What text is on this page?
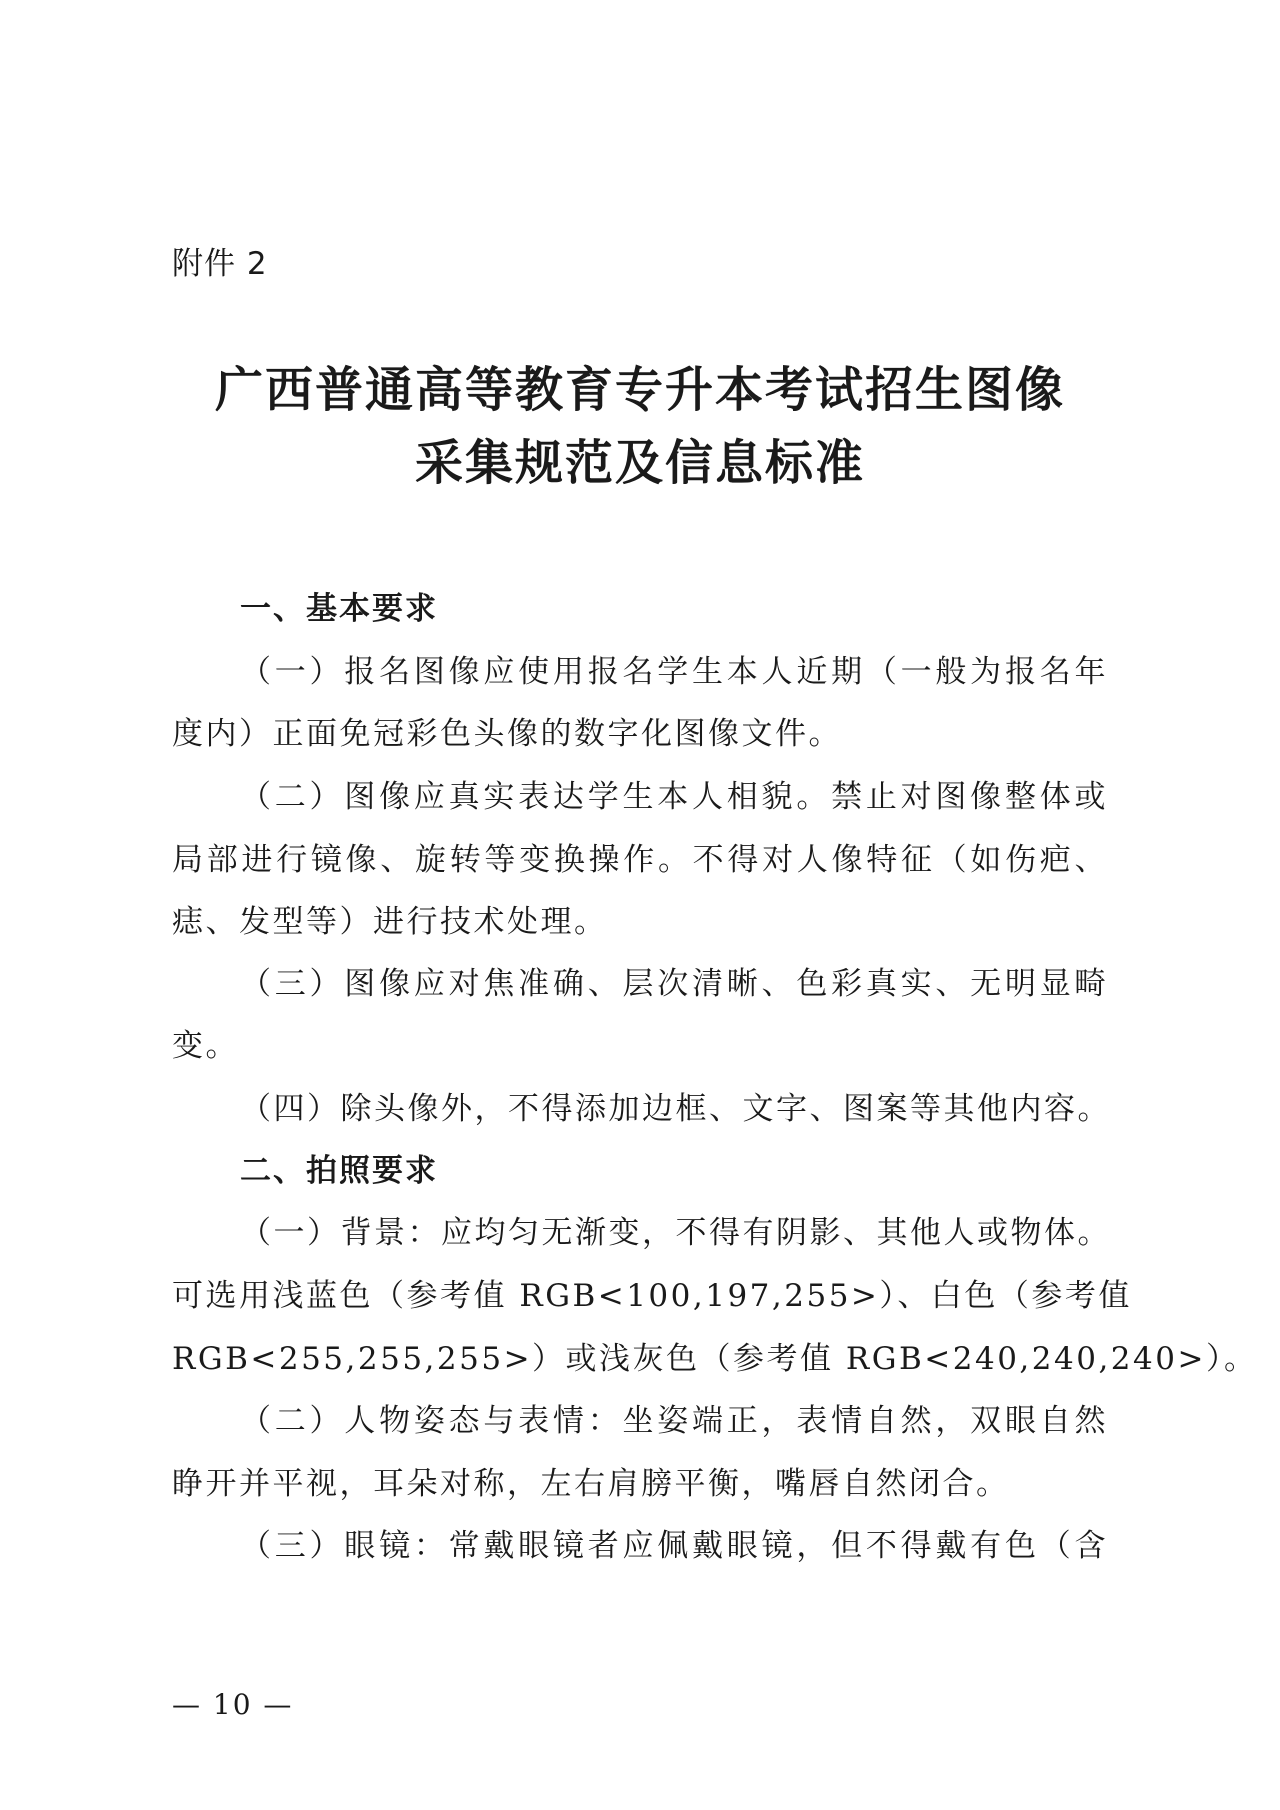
附件 2
广西普通高等教育专升本考试招生图像
采集规范及信息标准
一、基本要求
（一）报名图像应使用报名学生本人近期（一般为报名年
度内）正面免冠彩色头像的数字化图像文件。
（二）图像应真实表达学生本人相貌。禁止对图像整体或
局部进行镜像、旋转等变换操作。不得对人像特征（如伤疤、
痣、发型等）进行技术处理。
（三）图像应对焦准确、层次清晰、色彩真实、无明显畸
变。
（四）除头像外，不得添加边框、文字、图案等其他内容。
二、拍照要求
（一）背景：应均匀无渐变，不得有阴影、其他人或物体。
可选用浅蓝色（参考值 RGB<100,197,255>）、白色（参考值
RGB<255,255,255>）或浅灰色（参考值 RGB<240,240,240>）。
（二）人物姿态与表情：坐姿端正，表情自然，双眼自然
睁开并平视，耳朵对称，左右肩膀平衡，嘴唇自然闭合。
（三）眼镜：常戴眼镜者应佩戴眼镜，但不得戴有色（含
— 10 —
